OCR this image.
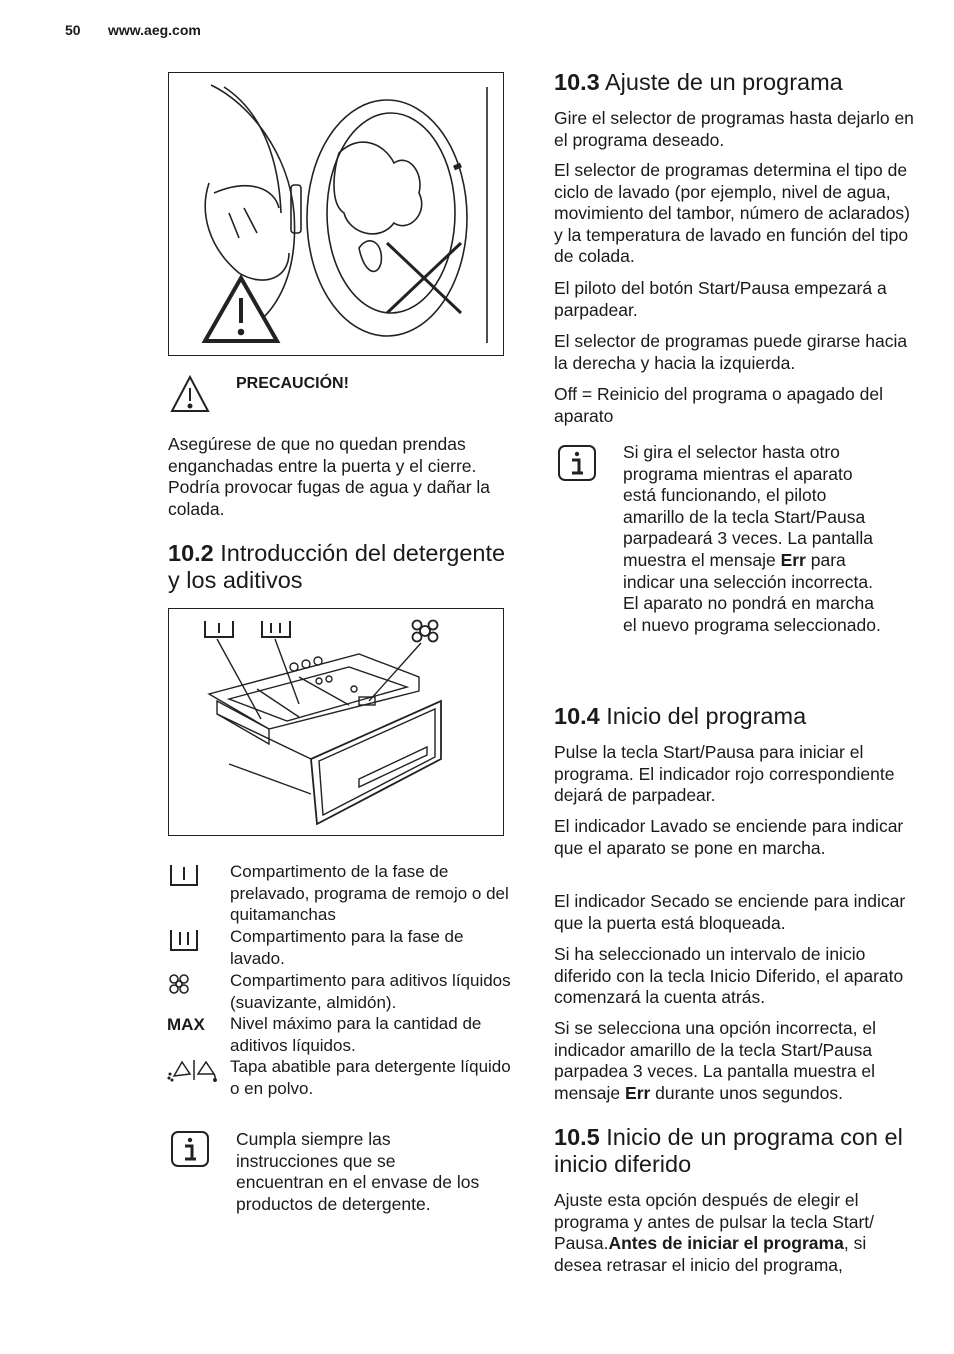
50 www.aeg.com
PRECAUCIÓN!

Asegúrese de que no quedan prendas enganchadas entre la puerta y el cierre. Podría provocar fugas de agua y dañar la colada.

10.2 Introducción del detergente y los aditivos

Compartimento de la fase de prelavado, programa de remojo o del quitamanchas

Compartimento para la fase de lavado.

Compartimento para aditivos líquidos (suavizante, almidón).

MAX Nivel máximo para la cantidad de aditivos líquidos.

Tapa abatible para detergente líquido o en polvo.

Cumpla siempre las instrucciones que se encuentran en el envase de los productos de detergente.

10.3 Ajuste de un programa

Gire el selector de programas hasta dejarlo en el programa deseado.

El selector de programas determina el tipo de ciclo de lavado (por ejemplo, nivel de agua, movimiento del tambor, número de aclarados) y la temperatura de lavado en función del tipo de colada.

El piloto del botón Start/Pausa empezará a parpadear.

El selector de programas puede girarse hacia la derecha y hacia la izquierda.

Off = Reinicio del programa o apagado del aparato

Si gira el selector hasta otro programa mientras el aparato está funcionando, el piloto amarillo de la tecla Start/Pausa parpadeará 3 veces. La pantalla muestra el mensaje Err para indicar una selección incorrecta. El aparato no pondrá en marcha el nuevo programa seleccionado.

10.4 Inicio del programa

Pulse la tecla Start/Pausa para iniciar el programa. El indicador rojo correspondiente dejará de parpadear.

El indicador Lavado se enciende para indicar que el aparato se pone en marcha.

El indicador Secado se enciende para indicar que la puerta está bloqueada.

Si ha seleccionado un intervalo de inicio diferido con la tecla Inicio Diferido, el aparato comenzará la cuenta atrás.

Si se selecciona una opción incorrecta, el indicador amarillo de la tecla Start/Pausa parpadea 3 veces. La pantalla muestra el mensaje Err durante unos segundos.

10.5 Inicio de un programa con el inicio diferido

Ajuste esta opción después de elegir el programa y antes de pulsar la tecla Start/ Pausa.Antes de iniciar el programa, si desea retrasar el inicio del programa,
